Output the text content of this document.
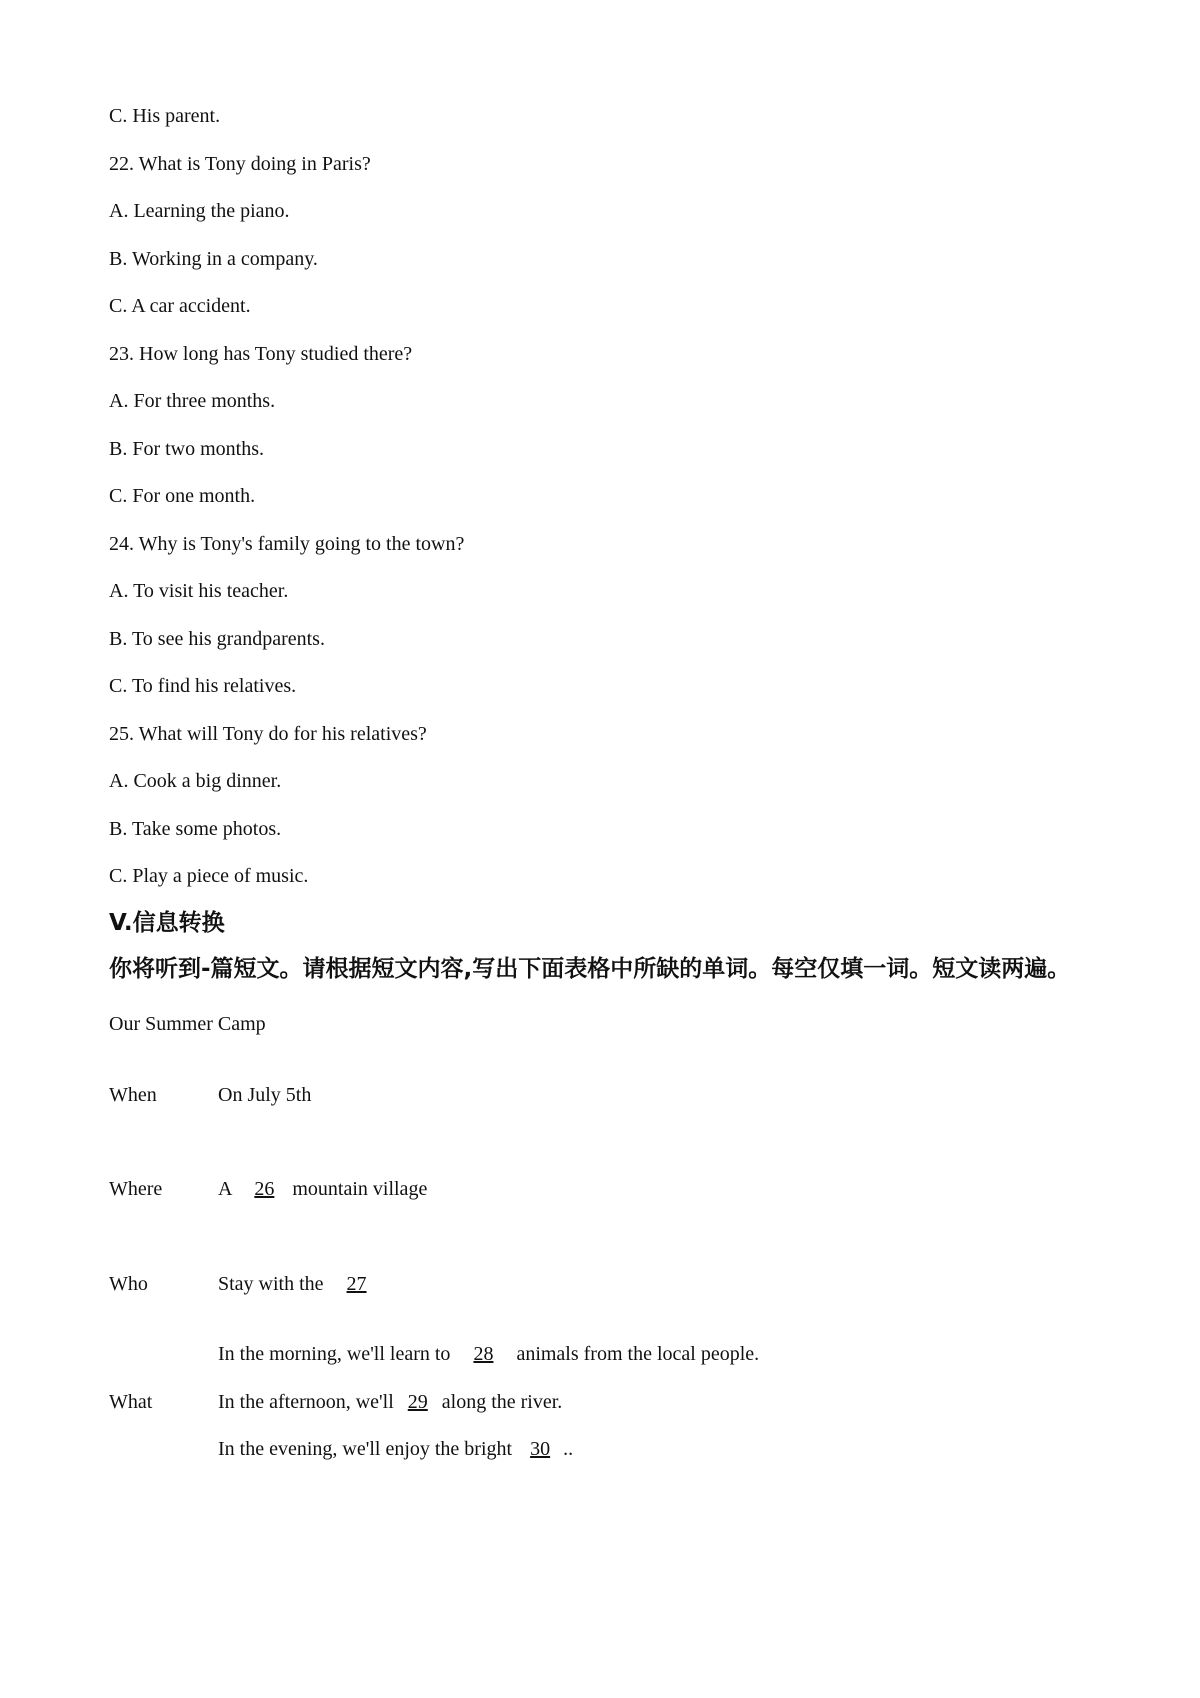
C. His parent.
22. What is Tony doing in Paris?
A. Learning the piano.
B. Working in a company.
C. A car accident.
23. How long has Tony studied there?
A. For three months.
B. For two months.
C. For one month.
24. Why is Tony's family going to the town?
A. To visit his teacher.
B. To see his grandparents.
C. To find his relatives.
25. What will Tony do for his relatives?
A. Cook a big dinner.
B. Take some photos.
C. Play a piece of music.
V.信息转换
你将听到-篇短文。请根据短文内容,写出下面表格中所缺的单词。每空仅填一词。短文读两遍。
Our Summer Camp
When	On July 5th
Where	A 26 mountain village
Who	Stay with the 27
In the morning, we'll learn to 28 animals from the local people.
What	In the afternoon, we'll 29 along the river.
In the evening, we'll enjoy the bright 30 ..
